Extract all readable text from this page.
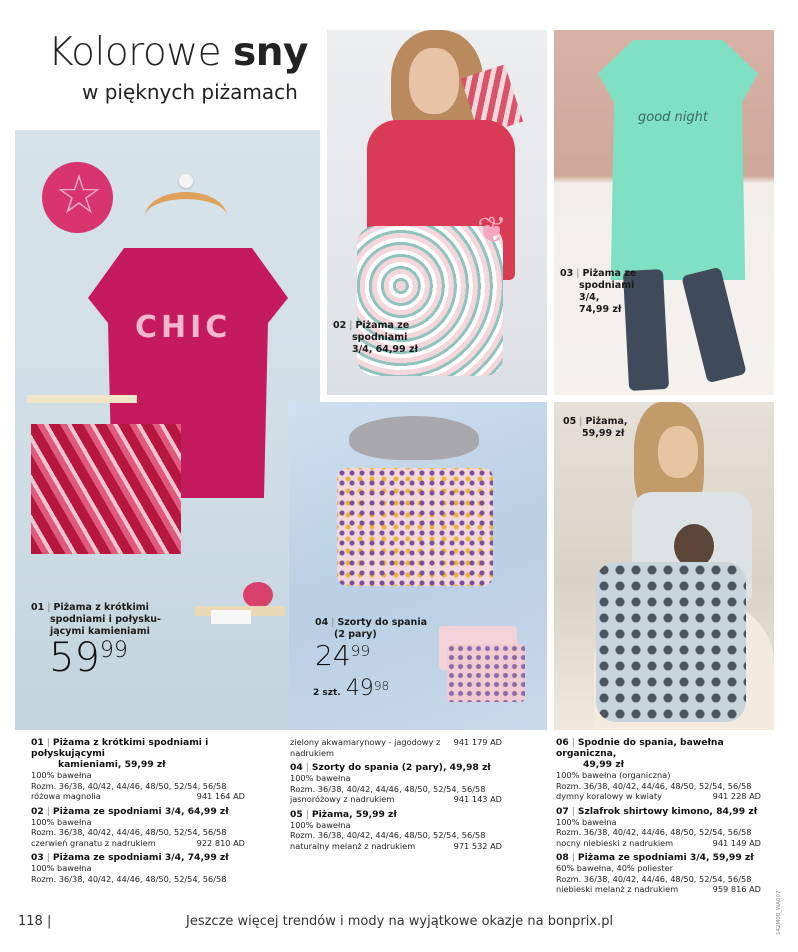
Kolorowe sny
w pięknych piżamach
☆
CHIC
01 | Piżama z krótkimi
spodniami i połysku-
jącymi kamieniami
$59^{99}$
❦
02 | Piżama ze
spodniami
3/4, 64,99 zł
good night
03 | Piżama ze
spodniami
3/4,
74,99 zł
04 | Szorty do spania
(2 pary)
$24^{99}$
2 szt. $49^{98}$
05 | Piżama,
59,99 zł
01 | Piżama z krótkimi spodniami i połyskującymi
kamieniami, 59,99 zł
100% bawełna
Rozm. 36/38, 40/42, 44/46, 48/50, 52/54, 56/58
różowa magnolia	941 164 AD
02 | Piżama ze spodniami 3/4, 64,99 zł
100% bawełna
Rozm. 36/38, 40/42, 44/46, 48/50, 52/54, 56/58
czerwień granatu z nadrukiem	922 810 AD
03 | Piżama ze spodniami 3/4, 74,99 zł
100% bawełna
Rozm. 36/38, 40/42, 44/46, 48/50, 52/54, 56/58
zielony akwamarynowy - jagodowy z
nadrukiem
941 179 AD
04 | Szorty do spania (2 pary), 49,98 zł
100% bawełna
Rozm. 36/38, 40/42, 44/46, 48/50, 52/54, 56/58
jasnoróżowy z nadrukiem	941 143 AD
05 | Piżama, 59,99 zł
100% bawełna
Rozm. 36/38, 40/42, 44/46, 48/50, 52/54, 56/58
naturalny melanż z nadrukiem	971 532 AD
06 | Spodnie do spania, bawełna organiczna,
49,99 zł
100% bawełna (organiczna)
Rozm. 36/38, 40/42, 44/46, 48/50, 52/54, 56/58
dymny koralowy w kwiaty	941 228 AD
07 | Szlafrok shirtowy kimono, 84,99 zł
100% bawełna
Rozm. 36/38, 40/42, 44/46, 48/50, 52/54, 56/58
nocny niebieski z nadrukiem	941 149 AD
08 | Piżama ze spodniami 3/4, 59,99 zł
60% bawełna, 40% poliester
Rozm. 36/38, 40/42, 44/46, 48/50, 52/54, 56/58
niebieski melanż z nadrukiem	959 816 AD
118 |	Jeszcze więcej trendów i mody na wyjątkowe okazje na bonprix.pl	142M08_WA007
